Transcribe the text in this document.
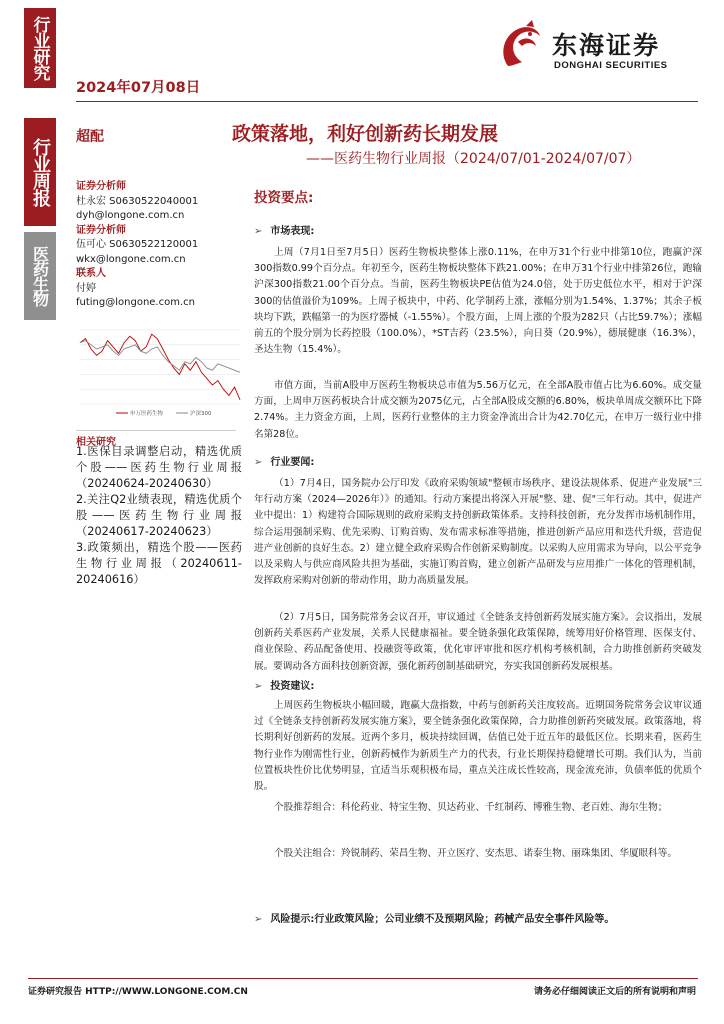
行业研究
行业周报
医药生物
2024年07月08日
东海证券
DONGHAI SECURITIES
超配	政策落地，利好创新药长期发展
——医药生物行业周报（2024/07/01-2024/07/07）
证券分析师
杜永宏 S0630522040001
dyh@longone.com.cn
证券分析师
伍可心 S0630522120001
wkx@longone.com.cn
联系人
付婷
futing@longone.com.cn
申万医药生物	沪深300
相关研究
1.医保目录调整启动，精选优质个股——医药生物行业周报（20240624-20240630）
2.关注Q2业绩表现，精选优质个股——医药生物行业周报（20240617-20240623）
3.政策频出，精选个股——医药生物行业周报（20240611-20240616）
投资要点:
➢ 市场表现:
上周（7月1日至7月5日）医药生物板块整体上涨0.11%，在申万31个行业中排第10位，跑赢沪深300指数0.99个百分点。年初至今，医药生物板块整体下跌21.00%；在申万31个行业中排第26位，跑输沪深300指数21.00个百分点。当前，医药生物板块PE估值为24.0倍，处于历史低位水平，相对于沪深300的估值溢价为109%。上周子板块中，中药、化学制药上涨，涨幅分别为1.54%、1.37%；其余子板块均下跌，跌幅第一的为医疗器械（-1.55%）。个股方面，上周上涨的个股为282只（占比59.7%）；涨幅前五的个股分别为长药控股（100.0%），*ST吉药（23.5%），向日葵（20.9%），德展健康（16.3%），圣达生物（15.4%）。
市值方面，当前A股申万医药生物板块总市值为5.56万亿元，在全部A股市值占比为6.60%。成交量方面，上周申万医药板块合计成交额为2075亿元，占全部A股成交额的6.80%，板块单周成交额环比下降2.74%。主力资金方面，上周，医药行业整体的主力资金净流出合计为42.70亿元，在申万一级行业中排名第28位。
➢ 行业要闻:
（1）7月4日，国务院办公厅印发《政府采购领域"整顿市场秩序、建设法规体系、促进产业发展"三年行动方案（2024—2026年）》的通知。行动方案提出将深入开展"整、建、促"三年行动。其中，促进产业中提出：1）构建符合国际规则的政府采购支持创新政策体系。支持科技创新，充分发挥市场机制作用，综合运用强制采购、优先采购、订购首购、发布需求标准等措施，推进创新产品应用和迭代升级，营造促进产业创新的良好生态。2）建立健全政府采购合作创新采购制度。以采购人应用需求为导向，以公平竞争以及采购人与供应商风险共担为基础，实施订购首购，建立创新产品研发与应用推广一体化的管理机制，发挥政府采购对创新的带动作用，助力高质量发展。
（2）7月5日，国务院常务会议召开，审议通过《全链条支持创新药发展实施方案》。会议指出，发展创新药关系医药产业发展，关系人民健康福祉。要全链条强化政策保障，统筹用好价格管理、医保支付、商业保险、药品配备使用、投融资等政策，优化审评审批和医疗机构考核机制，合力助推创新药突破发展。要调动各方面科技创新资源，强化新药创制基础研究，夯实我国创新药发展根基。
➢ 投资建议:
上周医药生物板块小幅回暖，跑赢大盘指数，中药与创新药关注度较高。近期国务院常务会议审议通过《全链条支持创新药发展实施方案》，要全链条强化政策保障，合力助推创新药突破发展。政策落地，将长期利好创新药的发展。近两个多月，板块持续回调，估值已处于近五年的最低区位。长期来看，医药生物行业作为刚需性行业，创新药械作为新质生产力的代表，行业长期保持稳健增长可期。我们认为，当前位置板块性价比优势明显，宜适当乐观积极布局，重点关注成长性较高，现金流充沛，负债率低的优质个股。
个股推荐组合：科伦药业、特宝生物、贝达药业、千红制药、博雅生物、老百姓、海尔生物；
个股关注组合：羚锐制药、荣昌生物、开立医疗、安杰思、诺泰生物、丽珠集团、华厦眼科等。
➢ 风险提示:行业政策风险；公司业绩不及预期风险；药械产品安全事件风险等。
证券研究报告 HTTP://WWW.LONGONE.COM.CN	请务必仔细阅读正文后的所有说明和声明
